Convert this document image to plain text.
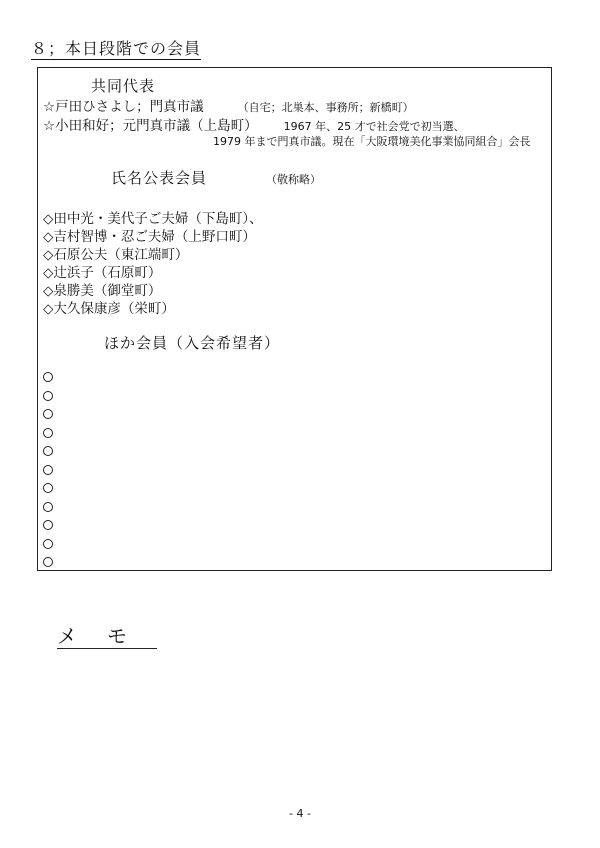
８；本日段階での会員
共同代表
☆戸田ひさよし；門真市議	（自宅；北巣本、事務所；新橋町）
☆小田和好；元門真市議（上島町） 1967 年、25 才で社会党で初当選、
1979 年まで門真市議。現在「大阪環境美化事業協同組合」会長
氏名公表会員	（敬称略）
◇田中光・美代子ご夫婦（下島町）、
◇吉村智博・忍ご夫婦（上野口町）
◇石原公夫（東江端町）
◇辻浜子（石原町）
◇泉勝美（御堂町）
◇大久保康彦（栄町）
ほか会員（入会希望者）
メモ
- 4 -
